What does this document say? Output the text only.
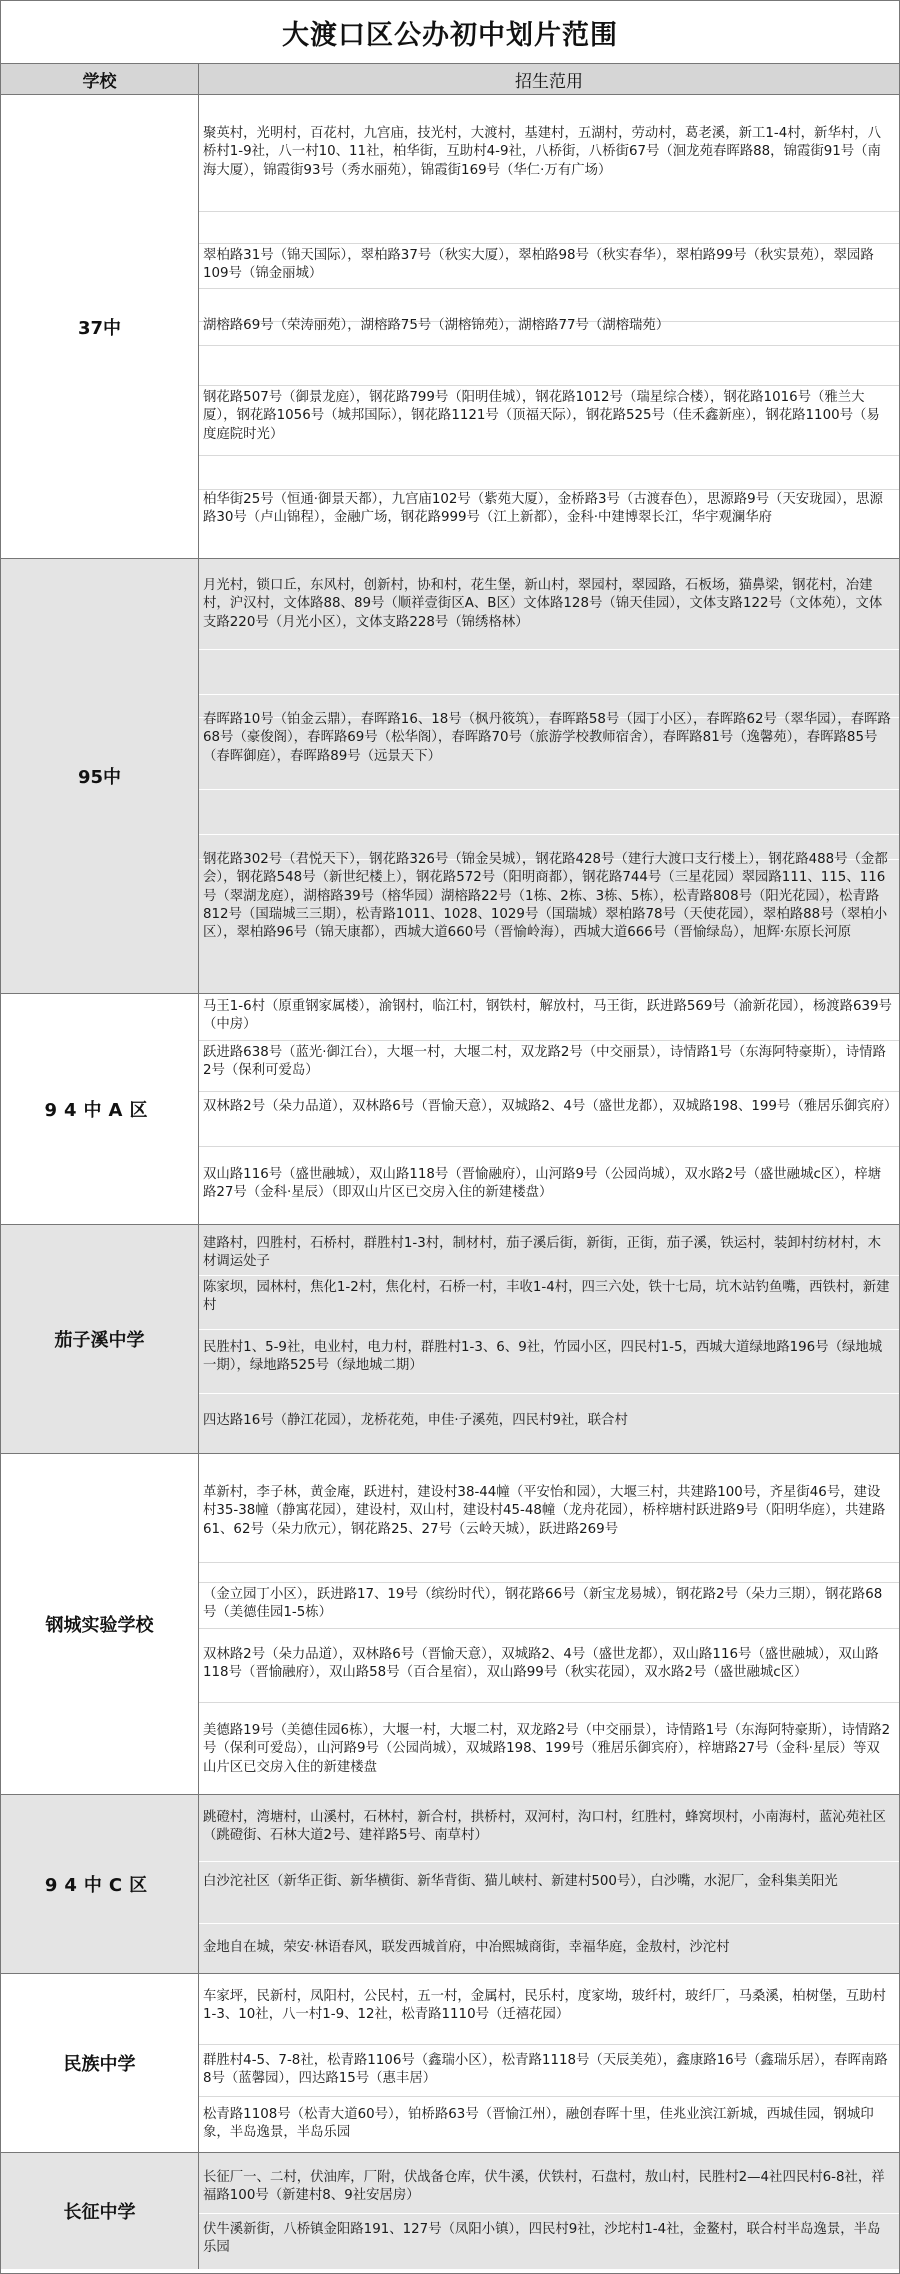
大渡口区公办初中划片范围
学校	招生范用
37中
聚英村，光明村，百花村，九宫庙，技光村，大渡村，基建村，五湖村，劳动村，葛老溪，新工1-4村，新华村，八桥村1-9社，八一村10、11社，柏华街，互助村4-9社，八桥街，八桥街67号（洄龙苑春晖路88，锦霞街91号（南海大厦），锦霞街93号（秀水丽苑），锦霞街169号（华仁·万有广场）
翠柏路31号（锦天国际），翠柏路37号（秋实大厦），翠柏路98号（秋实春华），翠柏路99号（秋实景苑），翠园路109号（锦金丽城）
湖榕路69号（荣涛丽苑），湖榕路75号（湖榕锦苑），湖榕路77号（湖榕瑞苑）
钢花路507号（御景龙庭），钢花路799号（阳明佳城），钢花路1012号（瑞星综合楼），钢花路1016号（雅兰大厦），钢花路1056号（城邦国际），钢花路1121号（顶福天际），钢花路525号（佳禾鑫新座），钢花路1100号（易度庭院时光）
柏华街25号（恒通·御景天都），九宫庙102号（紫苑大厦），金桥路3号（古渡春色），思源路9号（天安珑园），思源路30号（卢山锦程），金融广场，钢花路999号（江上新都），金科·中建博翠长江，华宇观澜华府
95中
月光村，锁口丘，东风村，创新村，协和村，花生堡，新山村，翠园村，翠园路，石板场，猫鼻梁，钢花村，冶建村，沪汉村，文体路88、89号（顺祥壹街区A、B区）文体路128号（锦天佳园），文体支路122号（文体苑），文体支路220号（月光小区），文体支路228号（锦绣格林）
春晖路10号（铂金云鼎），春晖路16、18号（枫丹筱筑），春晖路58号（园丁小区），春晖路62号（翠华园），春晖路68号（豪俊阁），春晖路69号（松华阁），春晖路70号（旅游学校教师宿舍），春晖路81号（逸馨苑），春晖路85号（春晖御庭），春晖路89号（远景天下）
钢花路302号（君悦天下），钢花路326号（锦金吴城），钢花路428号（建行大渡口支行楼上），钢花路488号（金都会），钢花路548号（新世纪楼上），钢花路572号（阳明商都），钢花路744号（三星花园）翠园路111、115、116号（翠湖龙庭），湖榕路39号（榕华园）湖榕路22号（1栋、2栋、3栋、5栋），松青路808号（阳光花园），松青路812号（国瑞城三三期），松青路1011、1028、1029号（国瑞城）翠柏路78号（天使花园），翠柏路88号（翠柏小区），翠柏路96号（锦天康都），西城大道660号（晋愉岭海），西城大道666号（晋愉绿岛），旭辉·东原长河原
94中A区
马王1-6村（原重钢家属楼），渝钢村，临江村，钢铁村，解放村，马王街，跃进路569号（渝新花园），杨渡路639号（中房）
跃进路638号（蓝光·御江台），大堰一村，大堰二村，双龙路2号（中交丽景），诗情路1号（东海阿特豪斯），诗情路2号（保利可爱岛）
双林路2号（朵力品道），双林路6号（晋愉天意），双城路2、4号（盛世龙都），双城路198、199号（雅居乐御宾府）
双山路116号（盛世融城），双山路118号（晋愉融府），山河路9号（公园尚城），双水路2号（盛世融城c区），梓塘路27号（金科·星辰）（即双山片区已交房入住的新建楼盘）
茄子溪中学
建路村，四胜村，石桥村，群胜村1-3村，制材村，茄子溪后街，新街，正街，茄子溪，铁运村，装卸村纺材村，木材调运处子
陈家坝，园林村，焦化1-2村，焦化村，石桥一村，丰收1-4村，四三六处，铁十七局，坑木站钓鱼嘴，西铁村，新建村
民胜村1、5-9社，电业村，电力村，群胜村1-3、6、9社，竹园小区，四民村1-5，西城大道绿地路196号（绿地城一期），绿地路525号（绿地城二期）
四达路16号（静江花园），龙桥花苑，申佳·子溪苑，四民村9社，联合村
钢城实验学校
革新村，李子林，黄金庵，跃进村，建设村38-44幢（平安怡和园），大堰三村，共建路100号，齐星街46号，建设村35-38幢（静寓花园），建设村，双山村，建设村45-48幢（龙舟花园），桥梓塘村跃进路9号（阳明华庭），共建路61、62号（朵力欣元），钢花路25、27号（云岭天城），跃进路269号
（金立园丁小区），跃进路17、19号（缤纷时代），钢花路66号（新宝龙易城），钢花路2号（朵力三期），钢花路68号（美德佳园1-5栋）
双林路2号（朵力品道），双林路6号（晋愉天意），双城路2、4号（盛世龙都），双山路116号（盛世融城），双山路118号（晋愉融府），双山路58号（百合星宿），双山路99号（秋实花园），双水路2号（盛世融城c区）
美德路19号（美德佳园6栋），大堰一村，大堰二村，双龙路2号（中交丽景），诗情路1号（东海阿特豪斯），诗情路2号（保利可爱岛），山河路9号（公园尚城），双城路198、199号（雅居乐御宾府），梓塘路27号（金科·星辰）等双山片区已交房入住的新建楼盘
94中C区
跳磴村，湾塘村，山溪村，石林村，新合村，拱桥村，双河村，沟口村，红胜村，蜂窝坝村，小南海村，蓝沁苑社区（跳磴街、石林大道2号、建祥路5号、南草村）
白沙沱社区（新华正街、新华横街、新华背街、猫儿峡村、新建村500号），白沙嘴，水泥厂，金科集美阳光
金地自在城，荣安·林语春风，联发西城首府，中冶熙城商街，幸福华庭，金敖村，沙沱村
民族中学
车家坪，民新村，凤阳村，公民村，五一村，金属村，民乐村，度家坳，玻纤村，玻纤厂，马桑溪，柏树堡，互助村1-3、10社，八一村1-9、12社，松青路1110号（迁禧花园）
群胜村4-5、7-8社，松青路1106号（鑫瑞小区），松青路1118号（天辰美苑），鑫康路16号（鑫瑞乐居），春晖南路8号（蓝馨园），四达路15号（惠丰居）
松青路1108号（松青大道60号），铂桥路63号（晋愉江州），融创春晖十里，佳兆业滨江新城，西城佳园，钢城印象，半岛逸景，半岛乐园
长征中学
长征厂一、二村，伏油库，厂附，伏战备仓库，伏牛溪，伏铁村，石盘村，敖山村，民胜村2—4社四民村6-8社，祥福路100号（新建村8、9社安居房）
伏牛溪新街，八桥镇金阳路191、127号（凤阳小镇），四民村9社，沙坨村1-4社，金鳌村，联合村半岛逸景，半岛乐园
